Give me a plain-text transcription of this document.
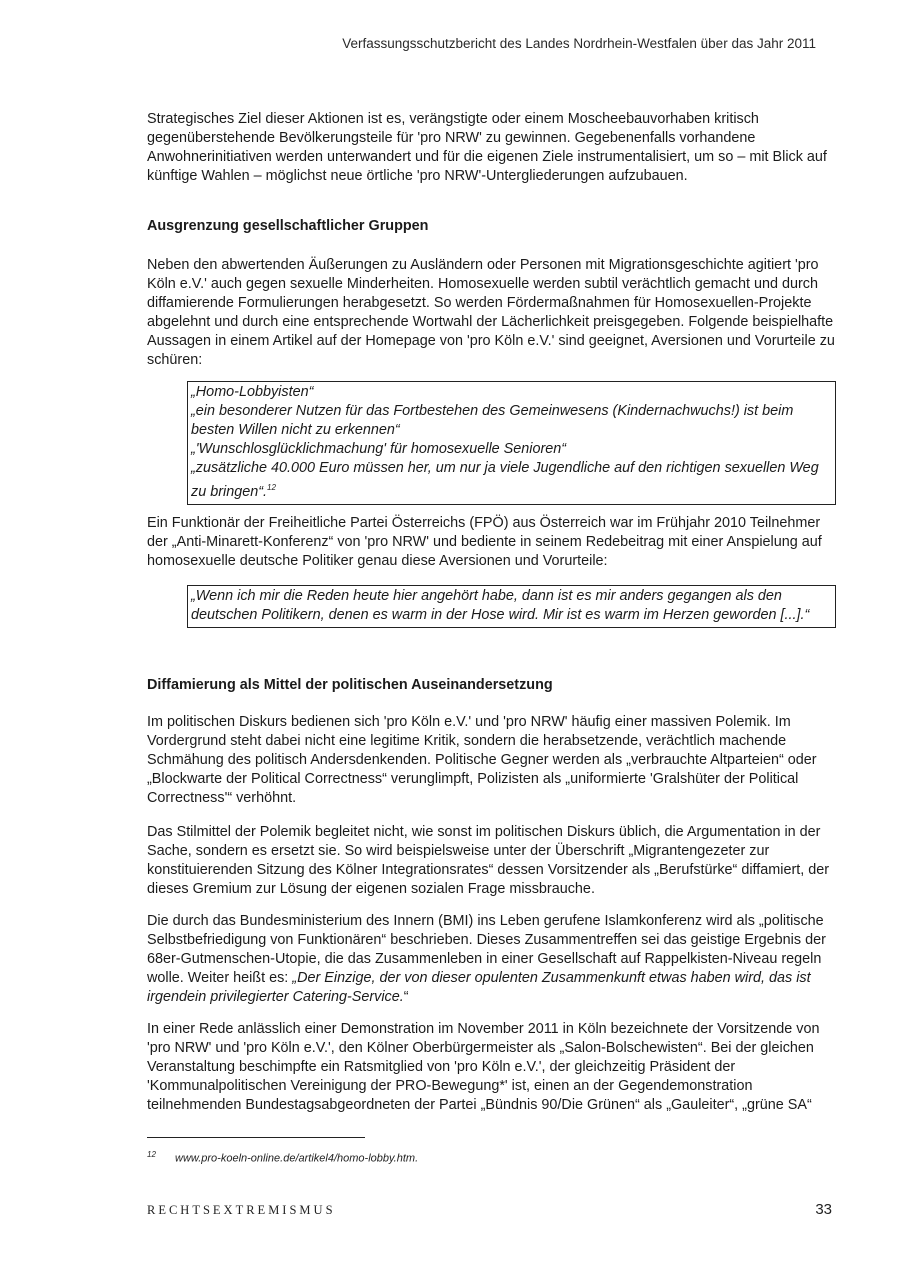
Verfassungsschutzbericht des Landes Nordrhein-Westfalen über das Jahr 2011

Strategisches Ziel dieser Aktionen ist es, verängstigte oder einem Moscheebauvorhaben kritisch gegenüberstehende Bevölkerungsteile für 'pro NRW' zu gewinnen. Gegebenenfalls vorhandene Anwohnerinitiativen werden unterwandert und für die eigenen Ziele instrumentalisiert, um so – mit Blick auf künftige Wahlen – möglichst neue örtliche 'pro NRW'-Untergliederungen aufzubauen.

Ausgrenzung gesellschaftlicher Gruppen

Neben den abwertenden Äußerungen zu Ausländern oder Personen mit Migrationsgeschichte agitiert 'pro Köln e.V.' auch gegen sexuelle Minderheiten. Homosexuelle werden subtil verächtlich gemacht und durch diffamierende Formulierungen herabgesetzt. So werden Fördermaßnahmen für Homosexuellen-Projekte abgelehnt und durch eine entsprechende Wortwahl der Lächerlichkeit preisgegeben. Folgende beispielhafte Aussagen in einem Artikel auf der Homepage von 'pro Köln e.V.' sind geeignet, Aversionen und Vorurteile zu schüren:

„Homo-Lobbyisten“
„ein besonderer Nutzen für das Fortbestehen des Gemeinwesens (Kindernachwuchs!) ist beim besten Willen nicht zu erkennen“
„'Wunschlosglücklichmachung' für homosexuelle Senioren“
„zusätzliche 40.000 Euro müssen her, um nur ja viele Jugendliche auf den richtigen sexuellen Weg zu bringen“.$^{12}$

Ein Funktionär der Freiheitliche Partei Österreichs (FPÖ) aus Österreich war im Frühjahr 2010 Teilnehmer der „Anti-Minarett-Konferenz“ von 'pro NRW' und bediente in seinem Redebeitrag mit einer Anspielung auf homosexuelle deutsche Politiker genau diese Aversionen und Vorurteile:

„Wenn ich mir die Reden heute hier angehört habe, dann ist es mir anders gegangen als den deutschen Politikern, denen es warm in der Hose wird. Mir ist es warm im Herzen geworden [...].“
Diffamierung als Mittel der politischen Auseinandersetzung

Im politischen Diskurs bedienen sich 'pro Köln e.V.' und 'pro NRW' häufig einer massiven Polemik. Im Vordergrund steht dabei nicht eine legitime Kritik, sondern die herabsetzende, verächtlich machende Schmähung des politisch Andersdenkenden. Politische Gegner werden als „verbrauchte Altparteien“ oder „Blockwarte der Political Correctness“ verunglimpft, Polizisten als „uniformierte 'Gralshüter der Political Correctness'“ verhöhnt.

Das Stilmittel der Polemik begleitet nicht, wie sonst im politischen Diskurs üblich, die Argumentation in der Sache, sondern es ersetzt sie. So wird beispielsweise unter der Überschrift „Migrantengezeter zur konstituierenden Sitzung des Kölner Integrationsrates“ dessen Vorsitzender als „Berufstürke“ diffamiert, der dieses Gremium zur Lösung der eigenen sozialen Frage missbrauche.

Die durch das Bundesministerium des Innern (BMI) ins Leben gerufene Islamkonferenz wird als „politische Selbstbefriedigung von Funktionären“ beschrieben. Dieses Zusammentreffen sei das geistige Ergebnis der 68er-Gutmenschen-Utopie, die das Zusammenleben in einer Gesellschaft auf Rappelkisten-Niveau regeln wolle. Weiter heißt es: „Der Einzige, der von dieser opulenten Zusammenkunft etwas haben wird, das ist irgendein privilegierter Catering-Service.“

In einer Rede anlässlich einer Demonstration im November 2011 in Köln bezeichnete der Vorsitzende von 'pro NRW' und 'pro Köln e.V.', den Kölner Oberbürgermeister als „Salon-Bolschewisten“. Bei der gleichen Veranstaltung beschimpfte ein Ratsmitglied von 'pro Köln e.V.', der gleichzeitig Präsident der 'Kommunalpolitischen Vereinigung der PRO-Bewegung*' ist, einen an der Gegendemonstration teilnehmenden Bundestagsabgeordneten der Partei „Bündnis 90/Die Grünen“ als „Gauleiter“, „grüne SA“

12 www.pro-koeln-online.de/artikel4/homo-lobby.htm.
RECHTSEXTREMISMUS	33
